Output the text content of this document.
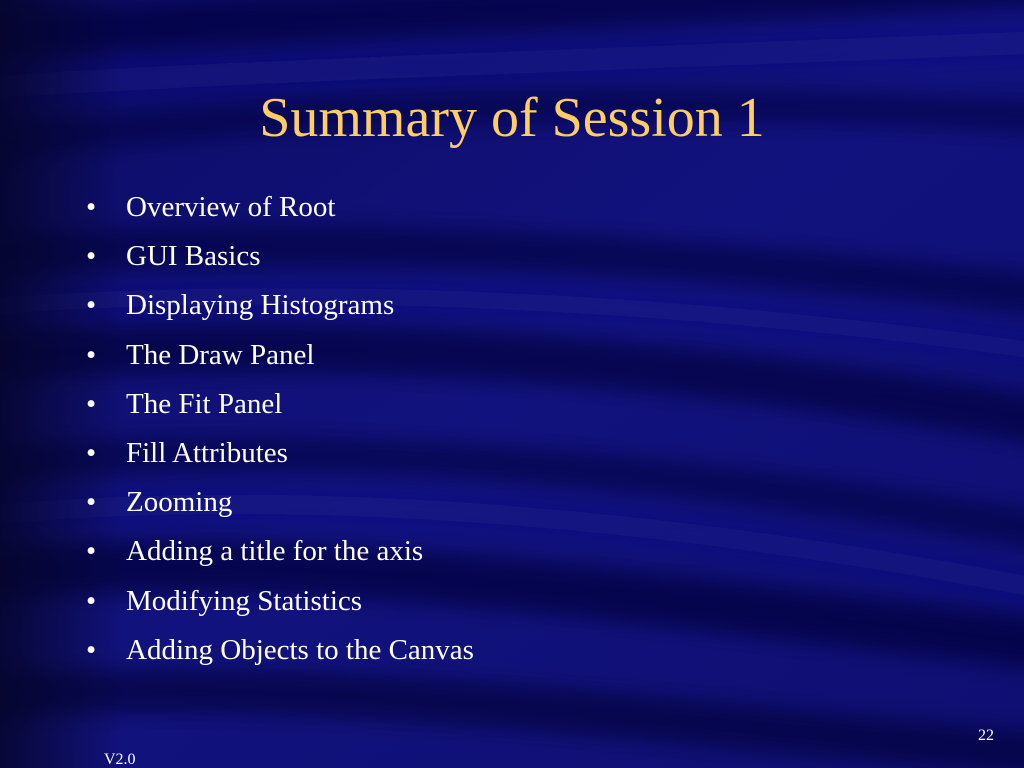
Summary of Session 1
• Overview of Root
• GUI Basics
• Displaying Histograms
• The Draw Panel
• The Fit Panel
• Fill Attributes
• Zooming
• Adding a title for the axis
• Modifying Statistics
• Adding Objects to the Canvas
22
V2.0
